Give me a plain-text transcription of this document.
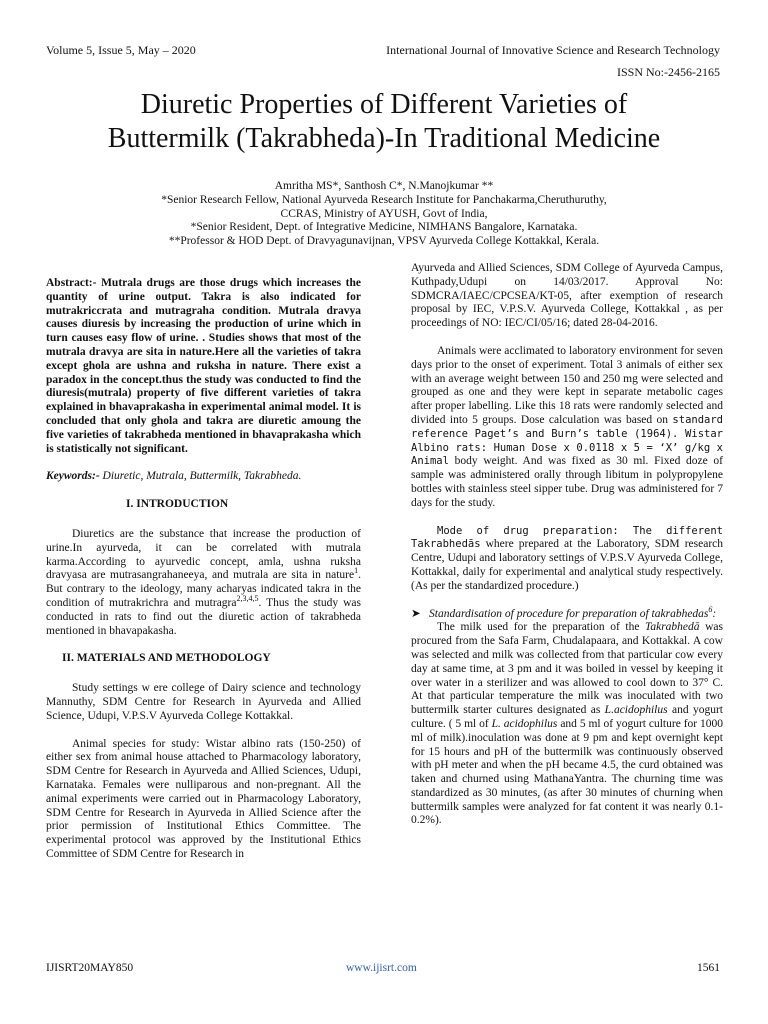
Volume 5, Issue 5, May – 2020	International Journal of Innovative Science and Research Technology
ISSN No:-2456-2165
Diuretic Properties of Different Varieties of
Buttermilk (Takrabheda)-In Traditional Medicine
Amritha MS*, Santhosh C*, N.Manojkumar **
*Senior Research Fellow, National Ayurveda Research Institute for Panchakarma,Cheruthuruthy,
CCRAS, Ministry of AYUSH, Govt of India,
*Senior Resident, Dept. of Integrative Medicine, NIMHANS Bangalore, Karnataka.
**Professor & HOD Dept. of Dravyagunavijnan, VPSV Ayurveda College Kottakkal, Kerala.

Abstract:- Mutrala drugs are those drugs which increases the quantity of urine output. Takra is also indicated for mutrakriccrata and mutragraha condition. Mutrala dravya causes diuresis by increasing the production of urine which in turn causes easy flow of urine. . Studies shows that most of the mutrala dravya are sita in nature.Here all the varieties of takra except ghola are ushna and ruksha in nature. There exist a paradox in the concept.thus the study was conducted to find the diuresis(mutrala) property of five different varieties of takra explained in bhavaprakasha in experimental animal model. It is concluded that only ghola and takra are diuretic amoung the five varieties of takrabheda mentioned in bhavaprakasha which is statistically not significant.

Keywords:- Diuretic, Mutrala, Buttermilk, Takrabheda.

I. INTRODUCTION

Diuretics are the substance that increase the production of urine.In ayurveda, it can be correlated with mutrala karma.According to ayurvedic concept, amla, ushna ruksha dravyasa are mutrasangrahaneeya, and mutrala are sita in nature$^1$. But contrary to the ideology, many acharyas indicated takra in the condition of mutrakrichra and mutragra$^{2,3,4,5}$. Thus the study was conducted in rats to find out the diuretic action of takrabheda mentioned in bhavapakasha.

II. MATERIALS AND METHODOLOGY

Study settings w ere college of Dairy science and technology Mannuthy, SDM Centre for Research in Ayurveda and Allied Science, Udupi, V.P.S.V Ayurveda College Kottakkal.

Animal species for study: Wistar albino rats (150-250) of either sex from animal house attached to Pharmacology laboratory, SDM Centre for Research in Ayurveda and Allied Sciences, Udupi, Karnataka. Females were nulliparous and non-pregnant. All the animal experiments were carried out in Pharmacology Laboratory, SDM Centre for Research in Ayurveda in Allied Science after the prior permission of Institutional Ethics Committee. The experimental protocol was approved by the Institutional Ethics Committee of SDM Centre for Research in

Ayurveda and Allied Sciences, SDM College of Ayurveda Campus, Kuthpady,Udupi on 14/03/2017. Approval No: SDMCRA/IAEC/CPCSEA/KT-05, after exemption of research proposal by IEC, V.P.S.V. Ayurveda College, Kottakkal , as per proceedings of NO: IEC/CI/05/16; dated 28-04-2016.

Animals were acclimated to laboratory environment for seven days prior to the onset of experiment. Total 3 animals of either sex with an average weight between 150 and 250 mg were selected and grouped as one and they were kept in separate metabolic cages after proper labelling. Like this 18 rats were randomly selected and divided into 5 groups. Dose calculation was based on standard reference Paget’s and Burn’s table (1964). Wistar Albino rats: Human Dose x 0.0118 x 5 = ‘X’ g/kg x Animal body weight. And was fixed as 30 ml. Fixed doze of sample was administered orally through libitum in polypropylene bottles with stainless steel sipper tube. Drug was administered for 7 days for the study.

Mode of drug preparation: The different Takrabhedās where prepared at the Laboratory, SDM research Centre, Udupi and laboratory settings of V.P.S.V Ayurveda College, Kottakkal, daily for experimental and analytical study respectively. (As per the standardized procedure.)

➤ Standardisation of procedure for preparation of takrabhedas$^6$:

The milk used for the preparation of the Takrabhedā was procured from the Safa Farm, Chudalapaara, and Kottakkal. A cow was selected and milk was collected from that particular cow every day at same time, at 3 pm and it was boiled in vessel by keeping it over water in a sterilizer and was allowed to cool down to 37° C. At that particular temperature the milk was inoculated with two buttermilk starter cultures designated as L.acidophilus and yogurt culture. ( 5 ml of L. acidophilus and 5 ml of yogurt culture for 1000 ml of milk).inoculation was done at 9 pm and kept overnight kept for 15 hours and pH of the buttermilk was continuously observed with pH meter and when the pH became 4.5, the curd obtained was taken and churned using MathanaYantra. The churning time was standardized as 30 minutes, (as after 30 minutes of churning when buttermilk samples were analyzed for fat content it was nearly 0.1-0.2%).

IJISRT20MAY850	www.ijisrt.com	1561
